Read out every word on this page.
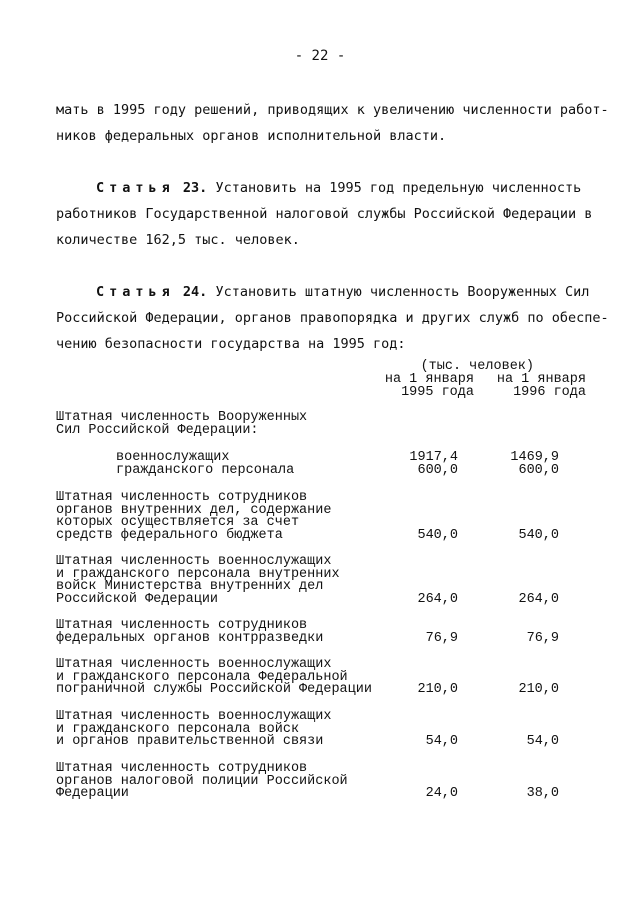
- 22 -
мать в 1995 году решений, приводящих к увеличению численности работ-
ников федеральных органов исполнительной власти.
Статья 23. Установить на 1995 год предельную численность
работников Государственной налоговой службы Российской Федерации в
количестве 162,5 тыс. человек.
Статья 24. Установить штатную численность Вооруженных Сил
Российской Федерации, органов правопорядка и других служб по обеспе-
чению безопасности государства на 1995 год:
(тыс. человек)
на 1 января
1995 года
на 1 января
1996 года
Штатная численность Вооруженных
Сил Российской Федерации:
военнослужащих	1917,4	1469,9
гражданского персонала	600,0	600,0
Штатная численность сотрудников
органов внутренних дел, содержание
которых осуществляется за счет
средств федерального бюджета	540,0	540,0
Штатная численность военнослужащих
и гражданского персонала внутренних
войск Министерства внутренних дел
Российской Федерации	264,0	264,0
Штатная численность сотрудников
федеральных органов контрразведки	76,9	76,9
Штатная численность военнослужащих
и гражданского персонала Федеральной
пограничной службы Российской Федерации	210,0	210,0
Штатная численность военнослужащих
и гражданского персонала войск
и органов правительственной связи	54,0	54,0
Штатная численность сотрудников
органов налоговой полиции Российской
Федерации	24,0	38,0
